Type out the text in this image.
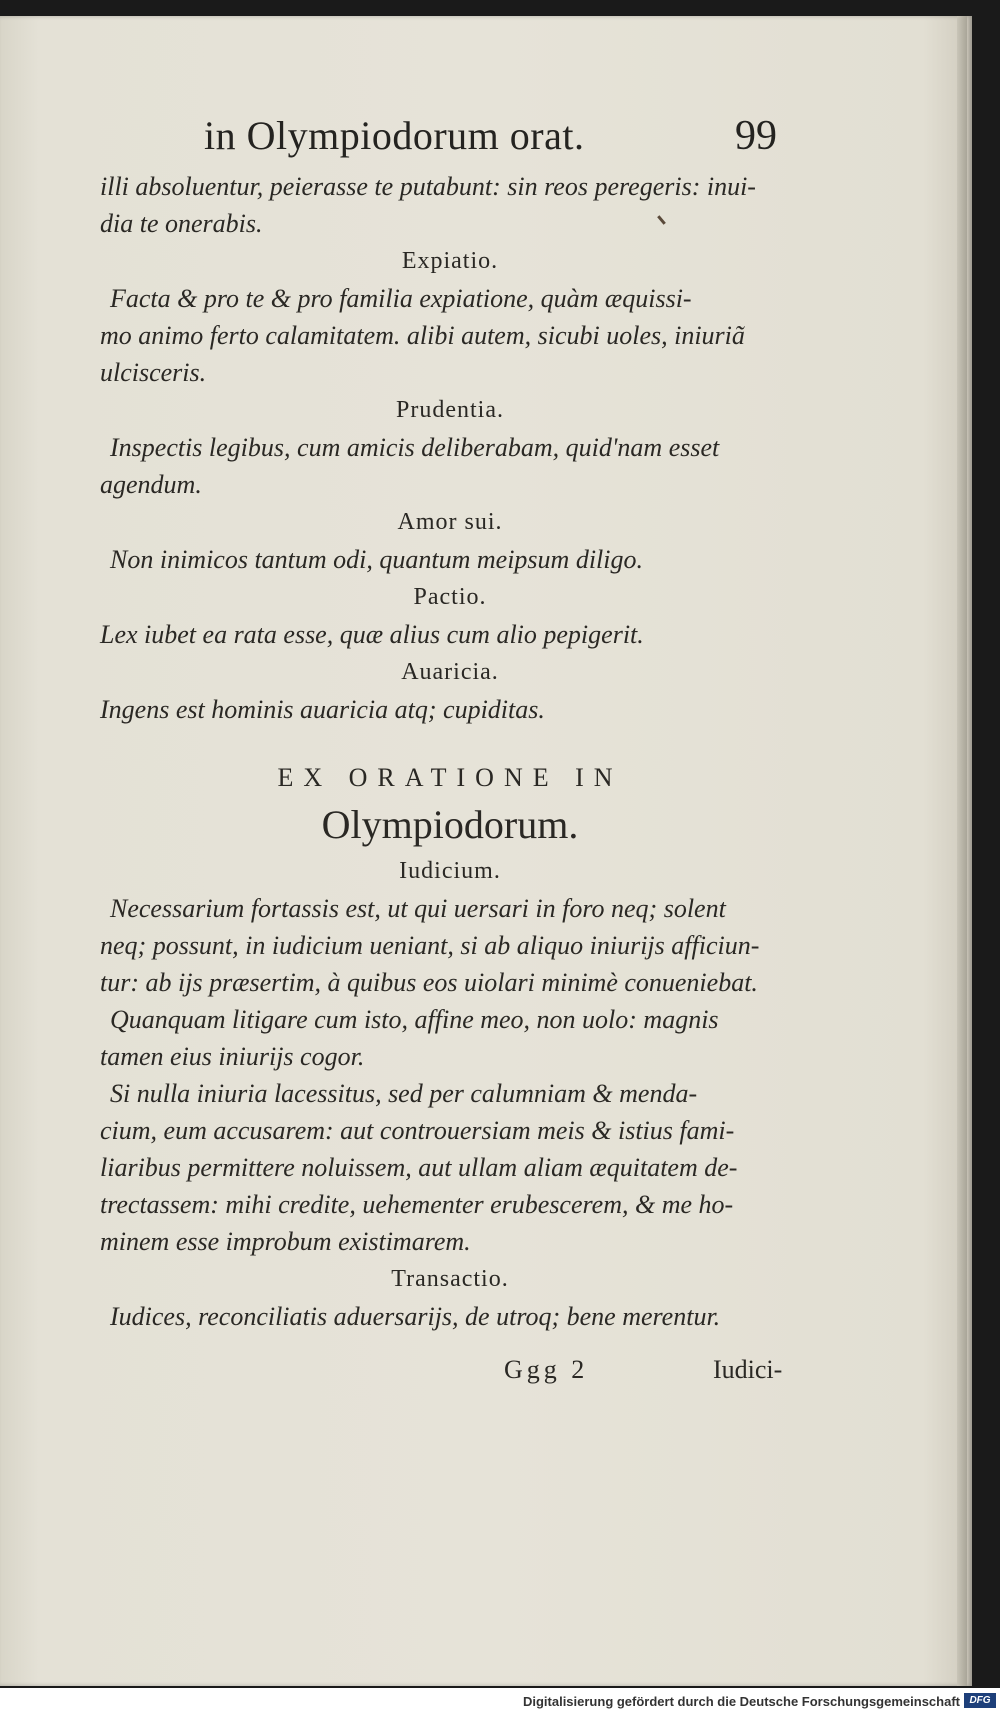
in Olympiodorum orat.	99
illi absoluentur, peierasse te putabunt: sin reos peregeris: inui-
dia te onerabis.
Expiatio.
Facta & pro te & pro familia expiatione, quàm æquissi-
mo animo ferto calamitatem. alibi autem, sicubi uoles, iniuriã
ulcisceris.
Prudentia.
Inspectis legibus, cum amicis deliberabam, quid'nam esset
agendum.
Amor sui.
Non inimicos tantum odi, quantum meipsum diligo.
Pactio.
Lex iubet ea rata esse, quæ alius cum alio pepigerit.
Auaricia.
Ingens est hominis auaricia atq; cupiditas.
EX ORATIONE IN
Olympiodorum.
Iudicium.
Necessarium fortassis est, ut qui uersari in foro neq; solent
neq; possunt, in iudicium ueniant, si ab aliquo iniurijs afficiun-
tur: ab ijs præsertim, à quibus eos uiolari minimè conueniebat.
Quanquam litigare cum isto, affine meo, non uolo: magnis
tamen eius iniurijs cogor.
Si nulla iniuria lacessitus, sed per calumniam & menda-
cium, eum accusarem: aut controuersiam meis & istius fami-
liaribus permittere noluissem, aut ullam aliam æquitatem de-
trectassem: mihi credite, uehementer erubescerem, & me ho-
minem esse improbum existimarem.
Transactio.
Iudices, reconciliatis aduersarijs, de utroq; bene merentur.
Ggg 2	Iudici-
Digitalisierung gefördert durch die Deutsche Forschungsgemeinschaft DFG
